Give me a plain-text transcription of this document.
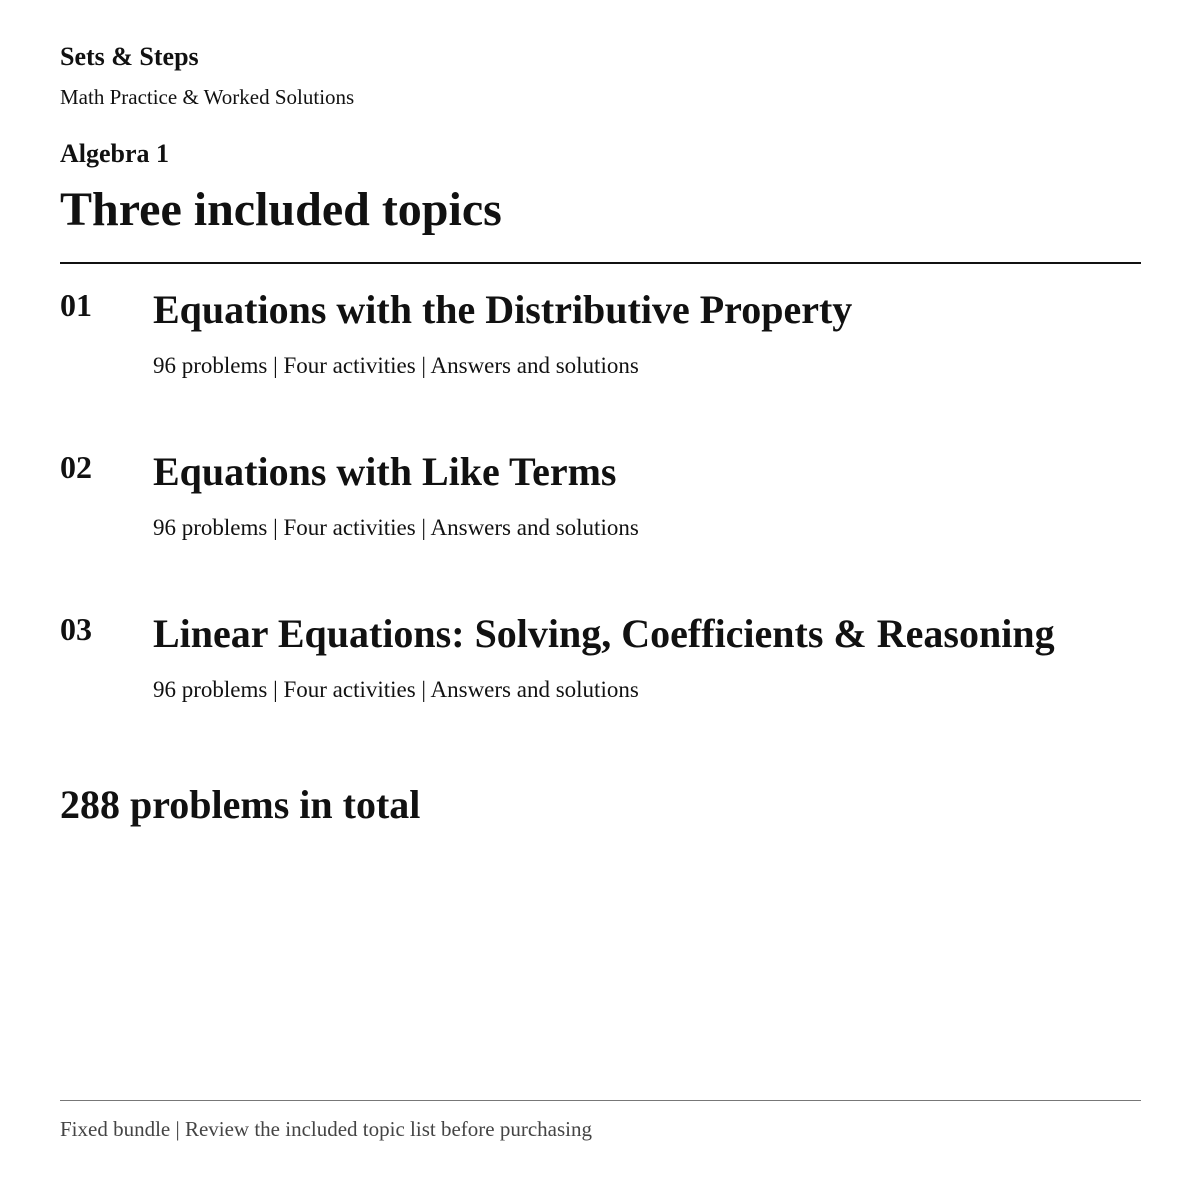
Sets & Steps
Math Practice & Worked Solutions
Algebra 1
Three included topics
01 Equations with the Distributive Property
96 problems | Four activities | Answers and solutions
02 Equations with Like Terms
96 problems | Four activities | Answers and solutions
03 Linear Equations: Solving, Coefficients & Reasoning
96 problems | Four activities | Answers and solutions
288 problems in total
Fixed bundle | Review the included topic list before purchasing
